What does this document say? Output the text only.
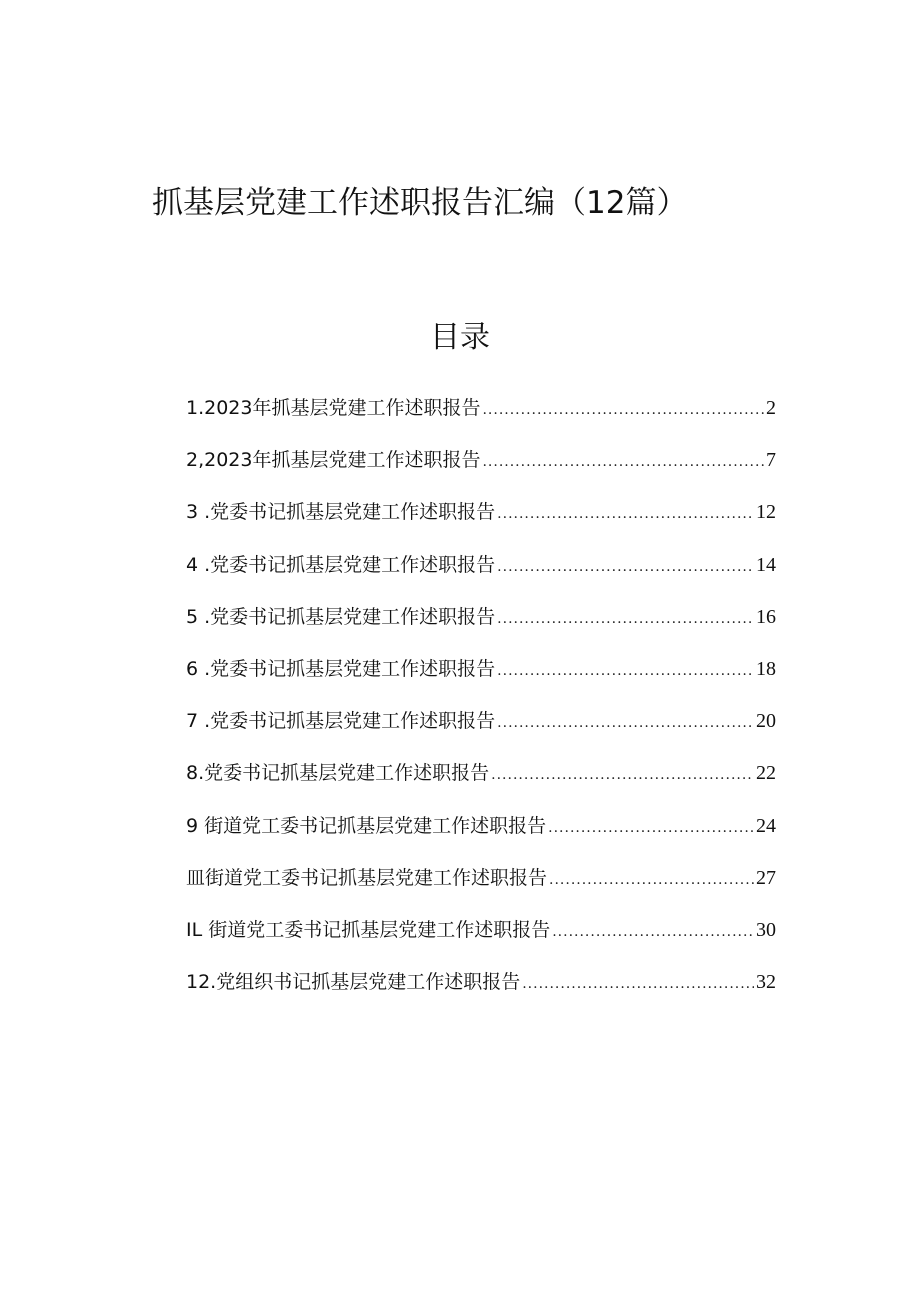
抓基层党建工作述职报告汇编（12篇）
目录
1.2023年抓基层党建工作述职报告 .....	2
2,2023年抓基层党建工作述职报告 .....	7
3 .党委书记抓基层党建工作述职报告 .....	12
4 .党委书记抓基层党建工作述职报告 .....	14
5 .党委书记抓基层党建工作述职报告 .....	16
6 .党委书记抓基层党建工作述职报告 .....	18
7 .党委书记抓基层党建工作述职报告 .....	20
8.党委书记抓基层党建工作述职报告 .....	22
9 街道党工委书记抓基层党建工作述职报告 .....	24
皿街道党工委书记抓基层党建工作述职报告 .....	27
IL 街道党工委书记抓基层党建工作述职报告 .....	30
12.党组织书记抓基层党建工作述职报告 .....	32
